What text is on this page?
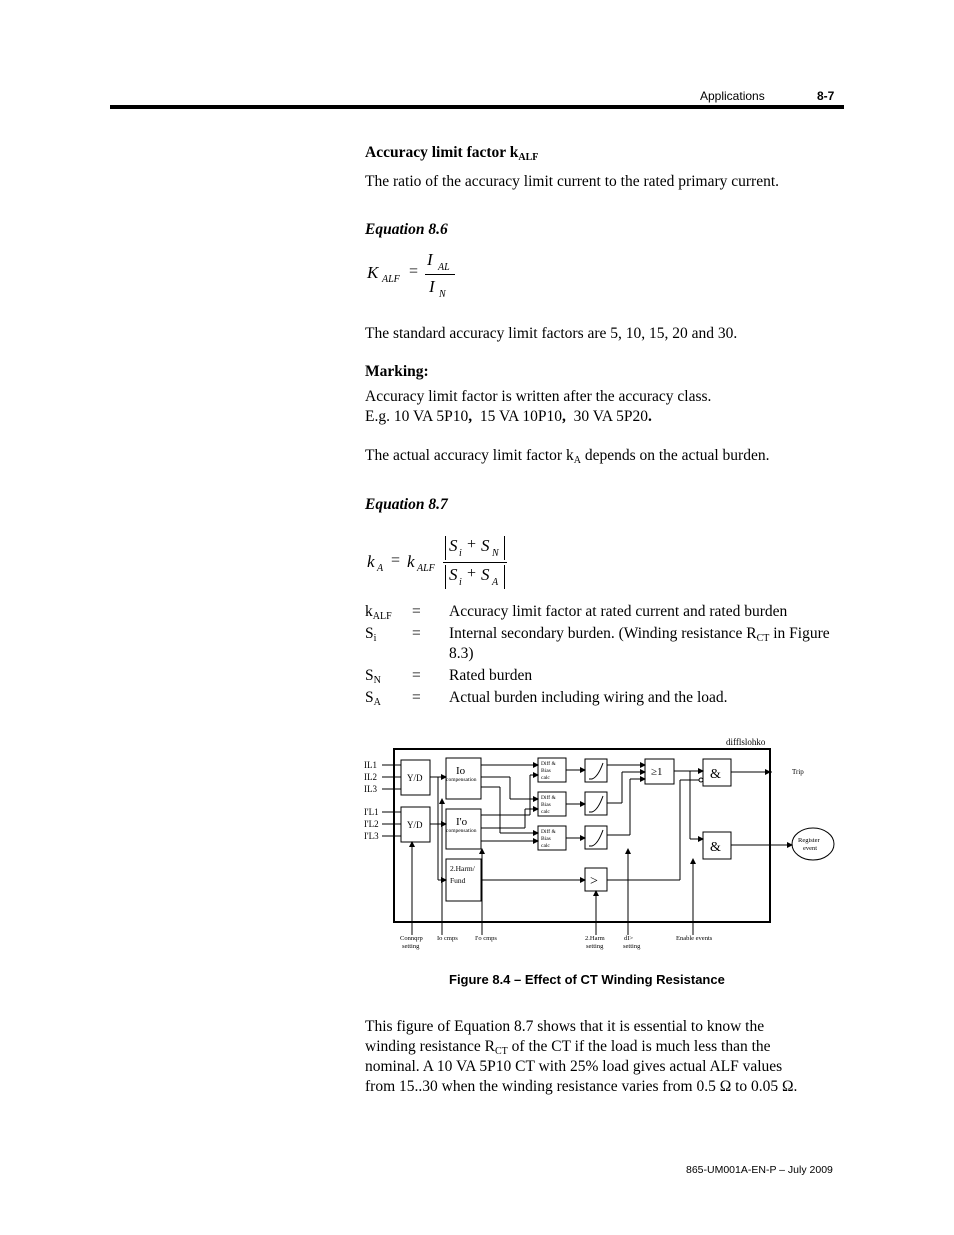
Applications	8-7
Accuracy limit factor $k_{ALF}$
The ratio of the accuracy limit current to the rated primary current.
Equation 8.6
K ALF =
I AL
I N
The standard accuracy limit factors are 5, 10, 15, 20 and 30.
Marking:
Accuracy limit factor is written after the accuracy class.
E.g. 10 VA 5P10, 15 VA 10P10, 30 VA 5P20.
The actual accuracy limit factor $k_A$ depends on the actual burden.
Equation 8.7
k A = k ALF
S i
+ S N
S i
+ S A
$k_{ALF}$	=	Accuracy limit factor at rated current and rated burden
$S_i$	=	Internal secondary burden. (Winding resistance $R_{CT}$ in Figure 8.3)
$S_N$	=	Rated burden
$S_A$	=	Actual burden including wiring and the load.
difflslohko
IL1
IL2
IL3
I'L1
I'L2
I'L3
Y/D
Y/D
Io
I'o
compensation
compensation
2.Harm/
Fund
Diff &
Bias
calc
Diff &
Bias
calc
Diff &
Bias
calc
>
≥1	&
&
Trip
Register
event
Connqrp
setting
Io cmps	I'o cmps	2.Harm
setting
dI>
setting
Enable events
Figure 8.4 – Effect of CT Winding Resistance
This figure of Equation 8.7 shows that it is essential to know the
winding resistance $R_{CT}$ of the CT if the load is much less than the
nominal. A 10 VA 5P10 CT with 25% load gives actual ALF values
from 15..30 when the winding resistance varies from 0.5 Ω to 0.05 Ω.
865-UM001A-EN-P – July 2009
